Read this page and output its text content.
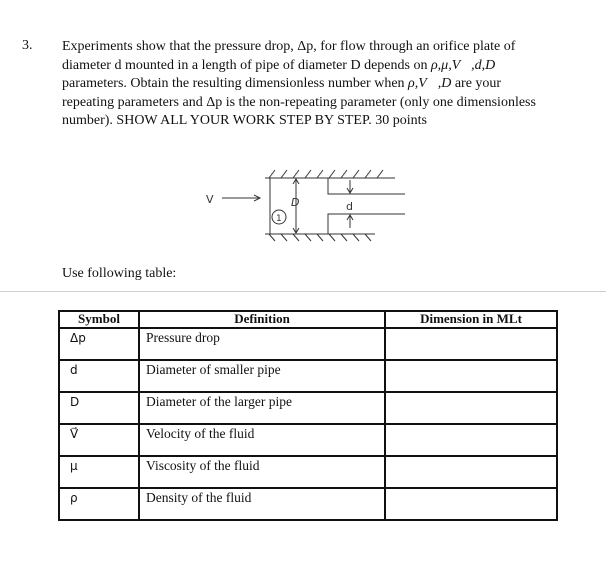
3. Experiments show that the pressure drop, Δp, for flow through an orifice plate of

diameter d mounted in a length of pipe of diameter D depends on ρ,μ,V⃗,d,D

parameters. Obtain the resulting dimensionless number when ρ,V⃗,D are your

repeating parameters and Δp is the non-repeating parameter (only one dimensionless

number). SHOW ALL YOUR WORK STEP BY STEP. 30 points

V	D	d
1
Use following table:
Symbol	Definition	Dimension in MLt
Δp	Pressure drop	
d	Diameter of smaller pipe	
D	Diameter of the larger pipe	
V⃗	Velocity of the fluid	
μ	Viscosity of the fluid	
ρ	Density of the fluid	
